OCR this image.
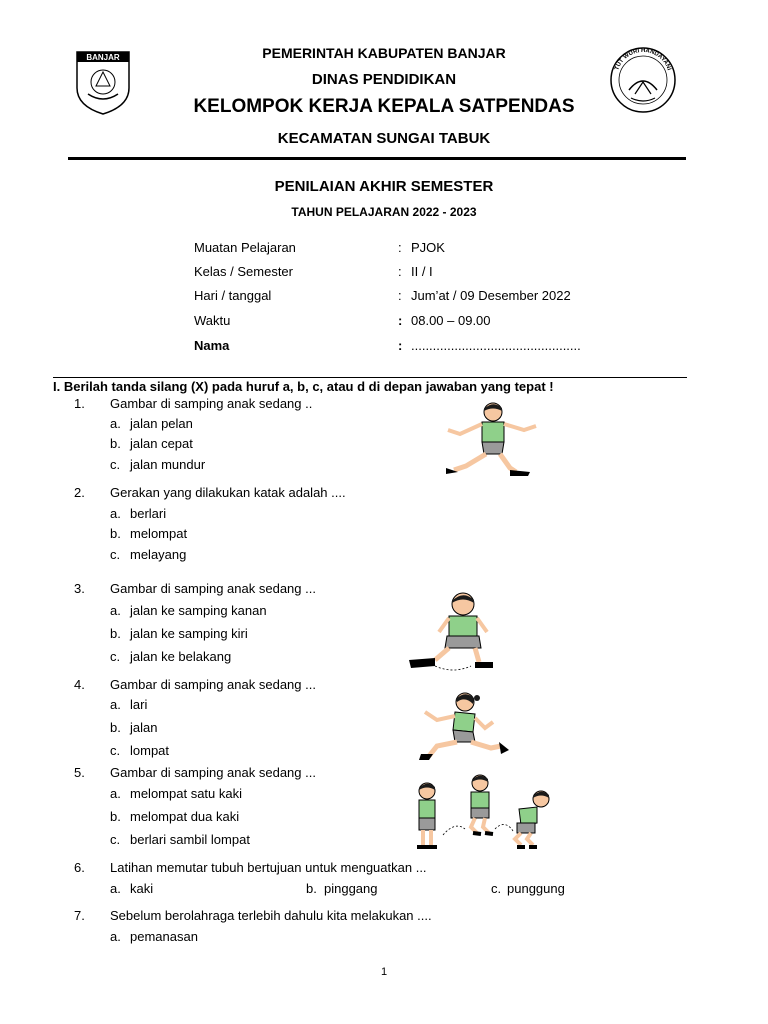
BANJAR
TUT WURI HANDAYANI
PEMERINTAH KABUPATEN BANJAR
DINAS PENDIDIKAN
KELOMPOK KERJA KEPALA SATPENDAS
KECAMATAN SUNGAI TABUK
PENILAIAN AKHIR SEMESTER
TAHUN PELAJARAN 2022 - 2023
Muatan Pelajaran	: PJOK
Kelas / Semester	: II / I
Hari / tanggal	: Jum’at / 09 Desember 2022
Waktu	: 08.00 – 09.00
Nama	: ...............................................
I. Berilah tanda silang (X) pada huruf a, b, c, atau d di depan jawaban yang tepat !
1. Gambar di samping anak sedang ..
a. jalan pelan
b. jalan cepat
c. jalan mundur
2. Gerakan yang dilakukan katak adalah ....
a. berlari
b. melompat
c. melayang
3. Gambar di samping anak sedang ...
a. jalan ke samping kanan
b. jalan ke samping kiri
c. jalan ke belakang
4. Gambar di samping anak sedang ...
a. lari
b. jalan
c. lompat
5. Gambar di samping anak sedang ...
a. melompat satu kaki
b. melompat dua kaki
c. berlari sambil lompat
6. Latihan memutar tubuh bertujuan untuk menguatkan ...
a. kaki	b. pinggang	c. punggung
7. Sebelum berolahraga terlebih dahulu kita melakukan ....
a. pemanasan
1
